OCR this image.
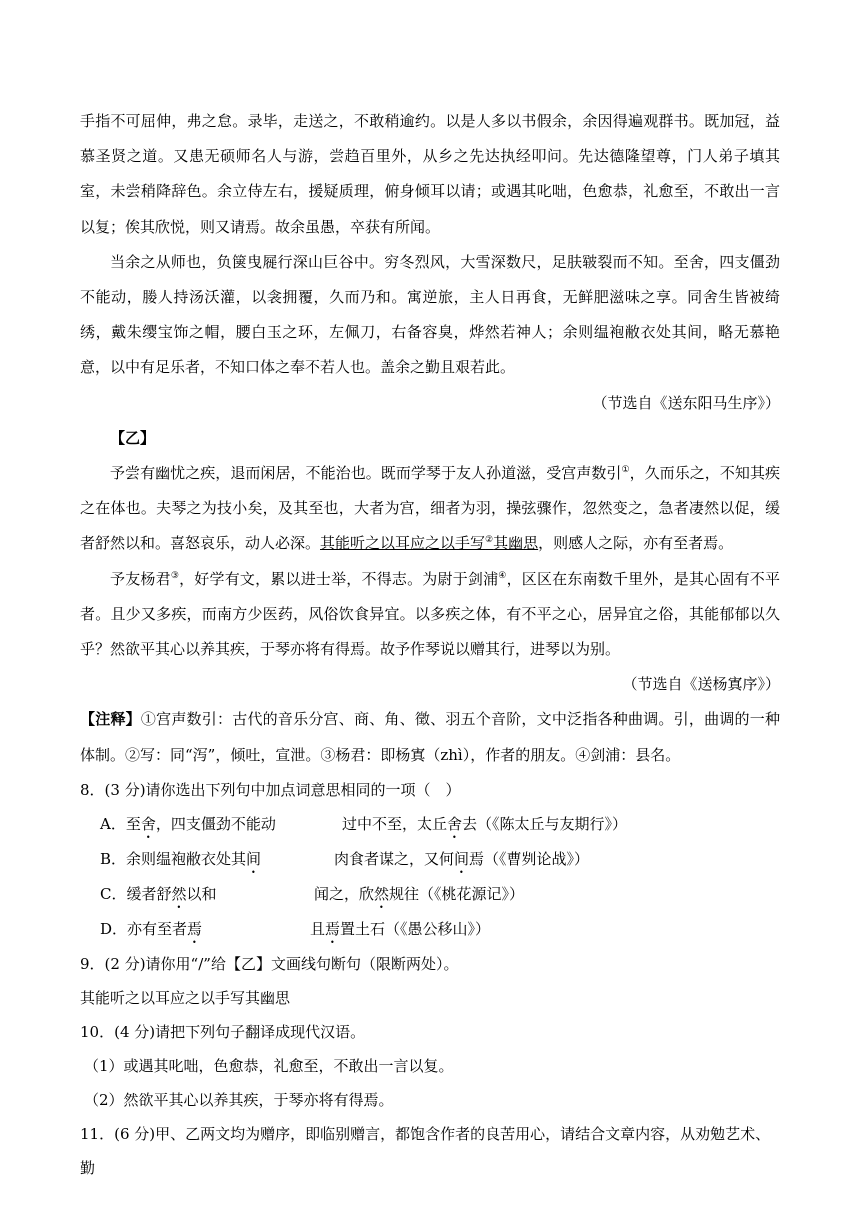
手指不可屈伸，弗之怠。录毕，走送之，不敢稍逾约。以是人多以书假余，余因得遍观群书。既加冠，益慕圣贤之道。又患无硕师名人与游，尝趋百里外，从乡之先达执经叩问。先达德隆望尊，门人弟子填其室，未尝稍降辞色。余立侍左右，援疑质理，俯身倾耳以请；或遇其叱咄，色愈恭，礼愈至，不敢出一言以复；俟其欣悦，则又请焉。故余虽愚，卒获有所闻。

当余之从师也，负箧曳屣行深山巨谷中。穷冬烈风，大雪深数尺，足肤皲裂而不知。至舍，四支僵劲不能动，媵人持汤沃灌，以衾拥覆，久而乃和。寓逆旅，主人日再食，无鲜肥滋味之享。同舍生皆被绮绣，戴朱缨宝饰之帽，腰白玉之环，左佩刀，右备容臭，烨然若神人；余则缊袍敝衣处其间，略无慕艳意，以中有足乐者，不知口体之奉不若人也。盖余之勤且艰若此。

（节选自《送东阳马生序》）

【乙】

予尝有幽忧之疾，退而闲居，不能治也。既而学琴于友人孙道滋，受宫声数引①，久而乐之，不知其疾之在体也。夫琴之为技小矣，及其至也，大者为宫，细者为羽，操弦骤作，忽然变之，急者凄然以促，缓者舒然以和。喜怒哀乐，动人必深。其能听之以耳应之以手写②其幽思，则感人之际，亦有至者焉。

予友杨君③，好学有文，累以进士举，不得志。为尉于剑浦④，区区在东南数千里外，是其心固有不平者。且少又多疾，而南方少医药，风俗饮食异宜。以多疾之体，有不平之心，居异宜之俗，其能郁郁以久乎？然欲平其心以养其疾，于琴亦将有得焉。故予作琴说以赠其行，进琴以为别。

（节选自《送杨寘序》）

【注释】①宫声数引：古代的音乐分宫、商、角、徵、羽五个音阶，文中泛指各种曲调。引，曲调的一种体制。②写：同“泻”，倾吐，宣泄。③杨君：即杨寘（zhì），作者的朋友。④剑浦：县名。

8．(3 分)请你选出下列句中加点词意思相同的一项（　）

A．至舍，四支僵劲不能动	过中不至，太丘舍去（《陈太丘与友期行》）

B．余则缊袍敝衣处其间	肉食者谋之，又何间焉（《曹刿论战》）

C．缓者舒然以和	闻之，欣然规往（《桃花源记》）

D．亦有至者焉	且焉置土石（《愚公移山》）

9．(2 分)请你用“/”给【乙】文画线句断句（限断两处）。

其能听之以耳应之以手写其幽思

10．(4 分)请把下列句子翻译成现代汉语。

（1）或遇其叱咄，色愈恭，礼愈至，不敢出一言以复。

（2）然欲平其心以养其疾，于琴亦将有得焉。

11．(6 分)甲、乙两文均为赠序，即临别赠言，都饱含作者的良苦用心，请结合文章内容，从劝勉艺术、勤
